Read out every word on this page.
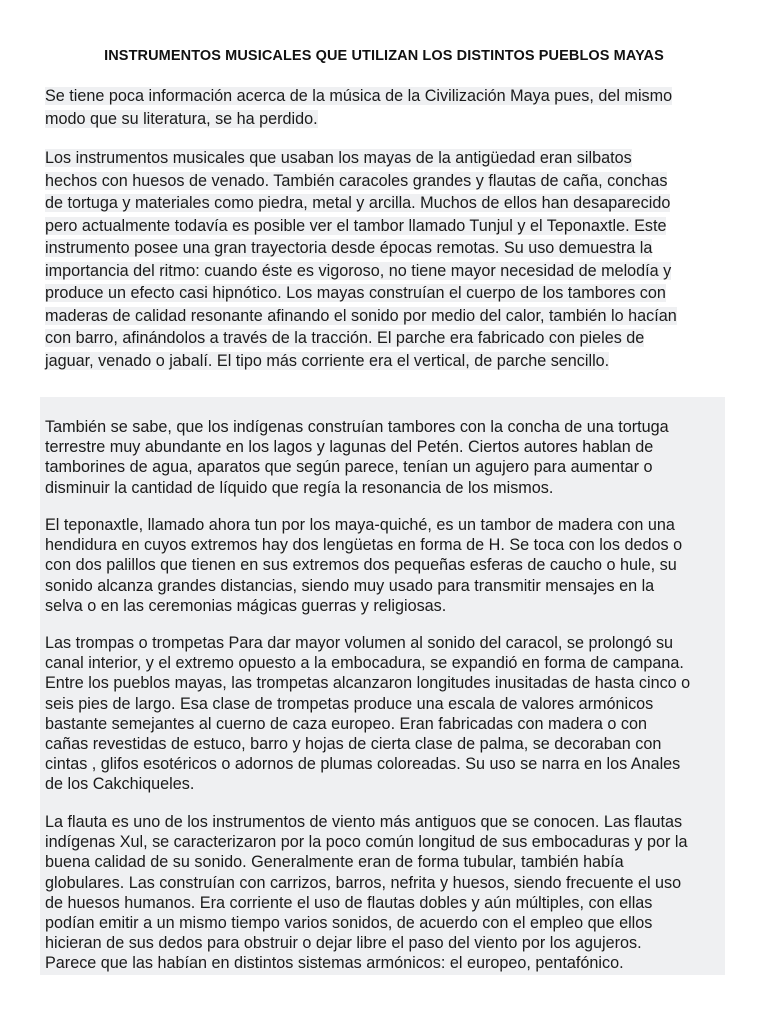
INSTRUMENTOS MUSICALES QUE UTILIZAN LOS DISTINTOS PUEBLOS MAYAS
Se tiene poca información acerca de la música de la Civilización Maya pues, del mismo
modo que su literatura, se ha perdido.
Los instrumentos musicales que usaban los mayas de la antigüedad eran silbatos
hechos con huesos de venado. También caracoles grandes y flautas de caña, conchas
de tortuga y materiales como piedra, metal y arcilla. Muchos de ellos han desaparecido
pero actualmente todavía es posible ver el tambor llamado Tunjul y el Teponaxtle. Este
instrumento posee una gran trayectoria desde épocas remotas. Su uso demuestra la
importancia del ritmo: cuando éste es vigoroso, no tiene mayor necesidad de melodía y
produce un efecto casi hipnótico. Los mayas construían el cuerpo de los tambores con
maderas de calidad resonante afinando el sonido por medio del calor, también lo hacían
con barro, afinándolos a través de la tracción. El parche era fabricado con pieles de
jaguar, venado o jabalí. El tipo más corriente era el vertical, de parche sencillo.
También se sabe, que los indígenas construían tambores con la concha de una tortuga
terrestre muy abundante en los lagos y lagunas del Petén. Ciertos autores hablan de
tamborines de agua, aparatos que según parece, tenían un agujero para aumentar o
disminuir la cantidad de líquido que regía la resonancia de los mismos.
El teponaxtle, llamado ahora tun por los maya-quiché, es un tambor de madera con una
hendidura en cuyos extremos hay dos lengüetas en forma de H. Se toca con los dedos o
con dos palillos que tienen en sus extremos dos pequeñas esferas de caucho o hule, su
sonido alcanza grandes distancias, siendo muy usado para transmitir mensajes en la
selva o en las ceremonias mágicas guerras y religiosas.
Las trompas o trompetas Para dar mayor volumen al sonido del caracol, se prolongó su
canal interior, y el extremo opuesto a la embocadura, se expandió en forma de campana.
Entre los pueblos mayas, las trompetas alcanzaron longitudes inusitadas de hasta cinco o
seis pies de largo. Esa clase de trompetas produce una escala de valores armónicos
bastante semejantes al cuerno de caza europeo. Eran fabricadas con madera o con
cañas revestidas de estuco, barro y hojas de cierta clase de palma, se decoraban con
cintas , glifos esotéricos o adornos de plumas coloreadas. Su uso se narra en los Anales
de los Cakchiqueles.
La flauta es uno de los instrumentos de viento más antiguos que se conocen. Las flautas
indígenas Xul, se caracterizaron por la poco común longitud de sus embocaduras y por la
buena calidad de su sonido. Generalmente eran de forma tubular, también había
globulares. Las construían con carrizos, barros, nefrita y huesos, siendo frecuente el uso
de huesos humanos. Era corriente el uso de flautas dobles y aún múltiples, con ellas
podían emitir a un mismo tiempo varios sonidos, de acuerdo con el empleo que ellos
hicieran de sus dedos para obstruir o dejar libre el paso del viento por los agujeros.
Parece que las habían en distintos sistemas armónicos: el europeo, pentafónico.
